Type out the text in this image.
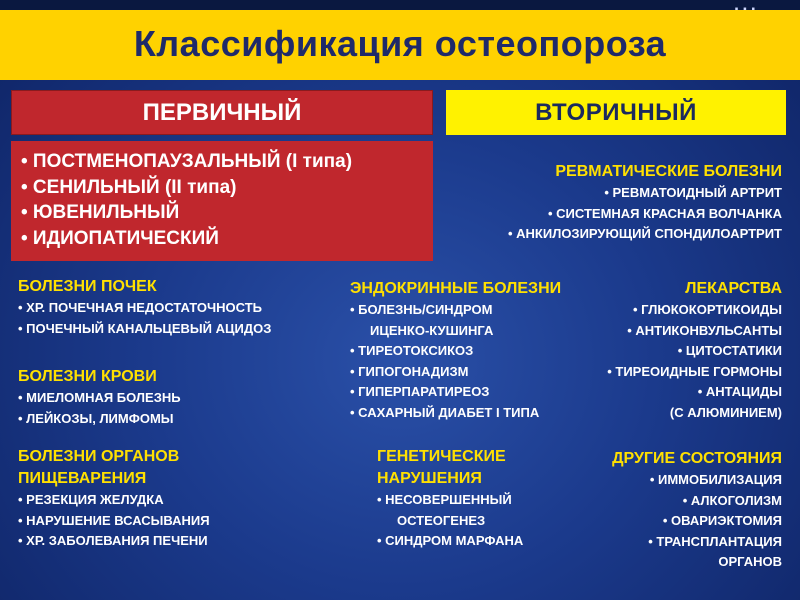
Классификация остеопороза
ПЕРВИЧНЫЙ	ВТОРИЧНЫЙ
• ПОСТМЕНОПАУЗАЛЬНЫЙ (I типа)
• СЕНИЛЬНЫЙ (II типа)
• ЮВЕНИЛЬНЫЙ
• ИДИОПАТИЧЕСКИЙ
РЕВМАТИЧЕСКИЕ БОЛЕЗНИ
• РЕВМАТОИДНЫЙ АРТРИТ
• СИСТЕМНАЯ КРАСНАЯ ВОЛЧАНКА
• АНКИЛОЗИРУЮЩИЙ СПОНДИЛОАРТРИТ
БОЛЕЗНИ ПОЧЕК
• ХР. ПОЧЕЧНАЯ НЕДОСТАТОЧНОСТЬ
• ПОЧЕЧНЫЙ КАНАЛЬЦЕВЫЙ АЦИДОЗ
БОЛЕЗНИ КРОВИ
• МИЕЛОМНАЯ БОЛЕЗНЬ
• ЛЕЙКОЗЫ, ЛИМФОМЫ
БОЛЕЗНИ ОРГАНОВ
ПИЩЕВАРЕНИЯ
• РЕЗЕКЦИЯ ЖЕЛУДКА
• НАРУШЕНИЕ ВСАСЫВАНИЯ
• ХР. ЗАБОЛЕВАНИЯ ПЕЧЕНИ
ЭНДОКРИННЫЕ БОЛЕЗНИ
• БОЛЕЗНЬ/СИНДРОМ
ИЦЕНКО-КУШИНГА
• ТИРЕОТОКСИКОЗ
• ГИПОГОНАДИЗМ
• ГИПЕРПАРАТИРЕОЗ
• САХАРНЫЙ ДИАБЕТ I ТИПА
ЛЕКАРСТВА
• ГЛЮКОКОРТИКОИДЫ
• АНТИКОНВУЛЬСАНТЫ
• ЦИТОСТАТИКИ
• ТИРЕОИДНЫЕ ГОРМОНЫ
• АНТАЦИДЫ
(С АЛЮМИНИЕМ)
ГЕНЕТИЧЕСКИЕ
НАРУШЕНИЯ
• НЕСОВЕРШЕННЫЙ
ОСТЕОГЕНЕЗ
• СИНДРОМ МАРФАНА
ДРУГИЕ СОСТОЯНИЯ
• ИММОБИЛИЗАЦИЯ
• АЛКОГОЛИЗМ
• ОВАРИЭКТОМИЯ
• ТРАНСПЛАНТАЦИЯ
ОРГАНОВ
